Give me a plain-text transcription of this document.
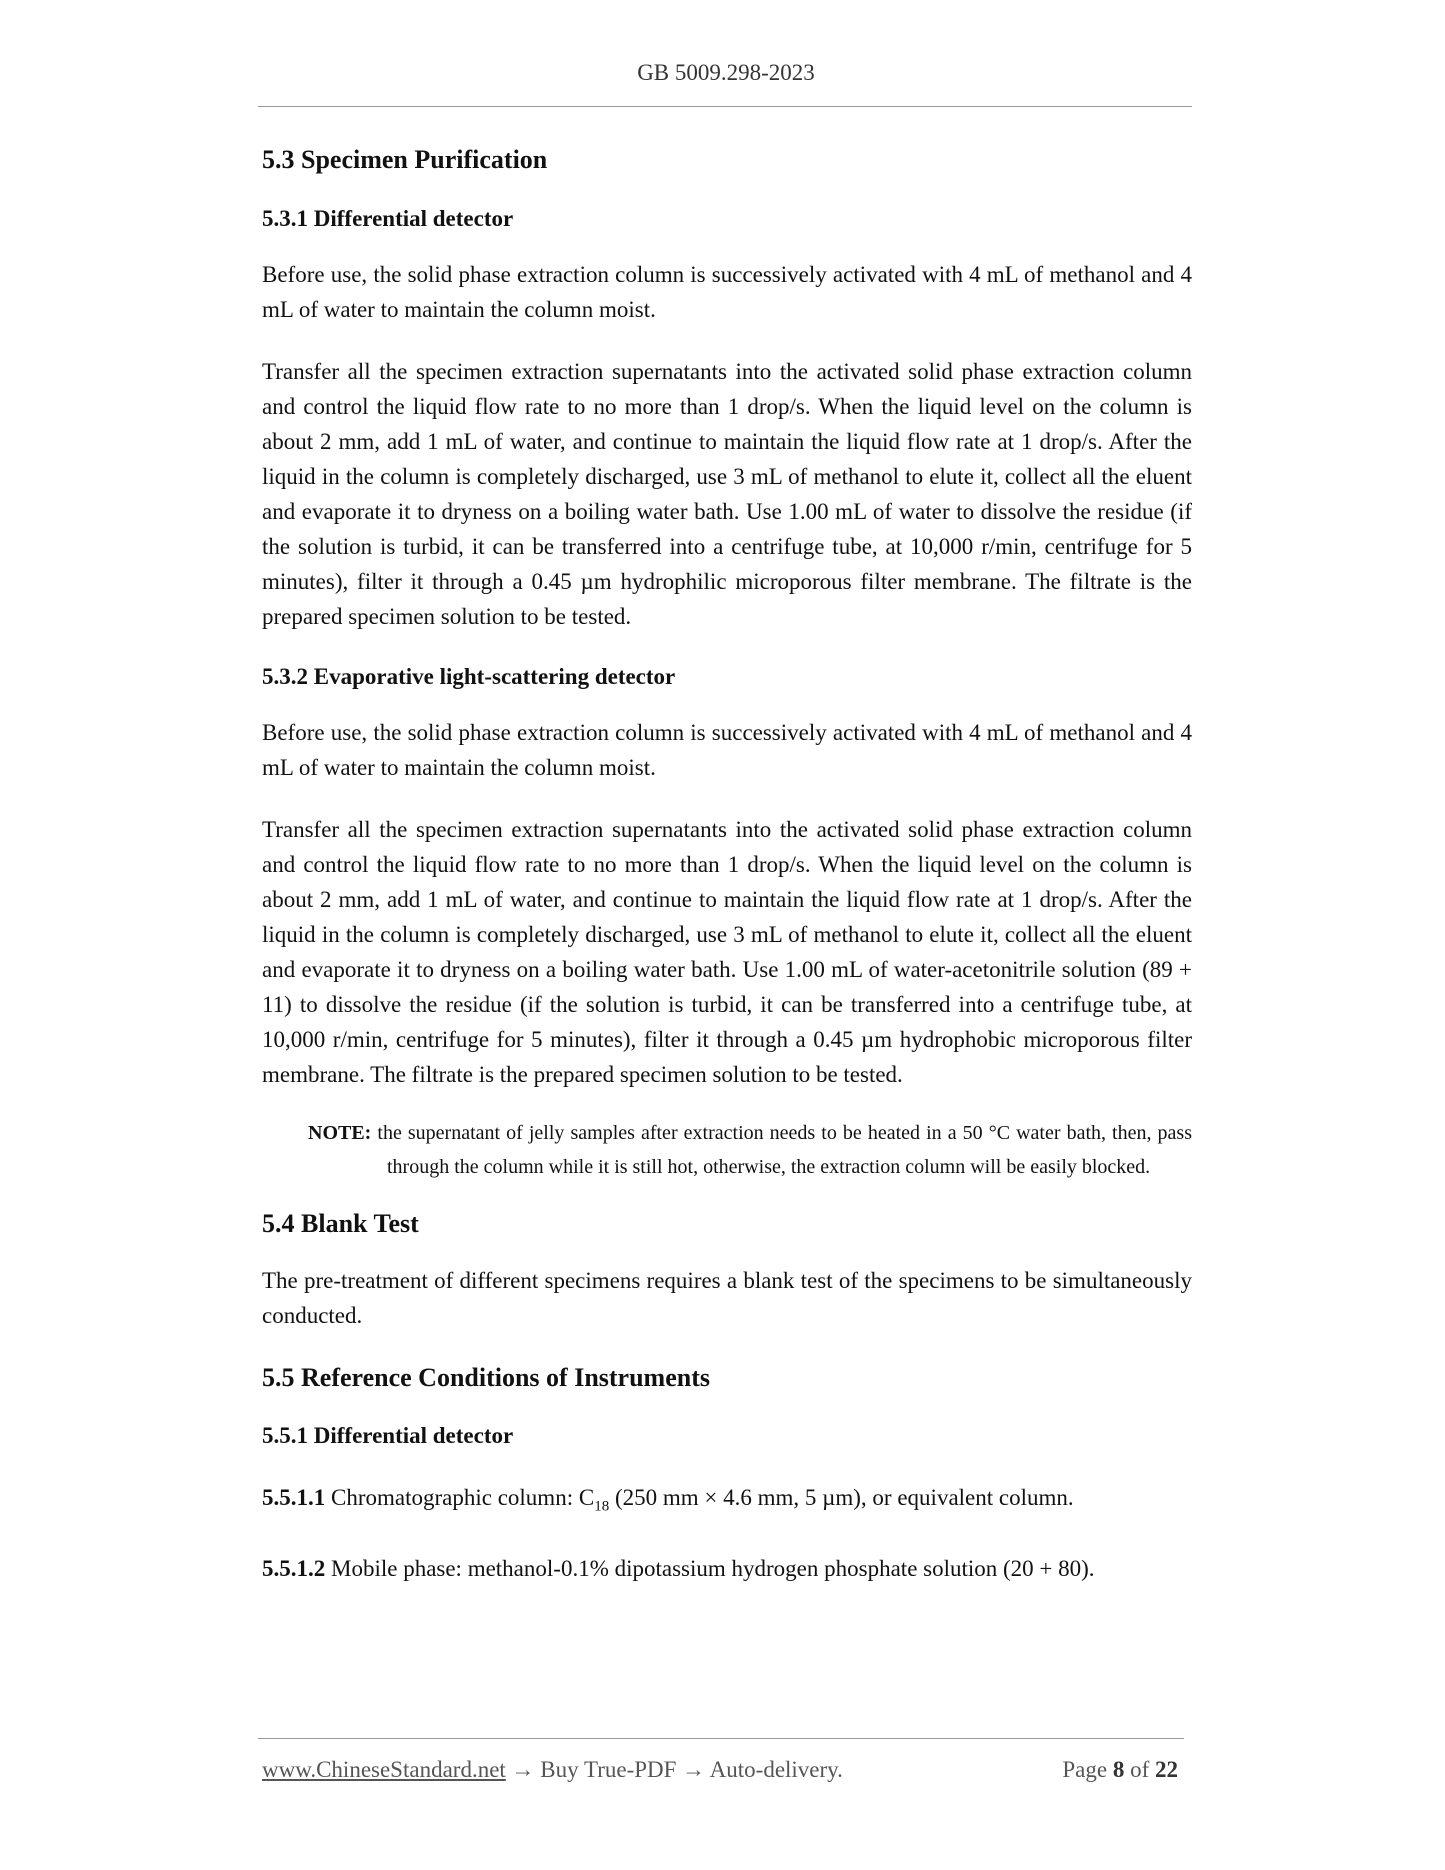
GB 5009.298-2023
5.3 Specimen Purification
5.3.1 Differential detector
Before use, the solid phase extraction column is successively activated with 4 mL of methanol and 4 mL of water to maintain the column moist.
Transfer all the specimen extraction supernatants into the activated solid phase extraction column and control the liquid flow rate to no more than 1 drop/s. When the liquid level on the column is about 2 mm, add 1 mL of water, and continue to maintain the liquid flow rate at 1 drop/s. After the liquid in the column is completely discharged, use 3 mL of methanol to elute it, collect all the eluent and evaporate it to dryness on a boiling water bath. Use 1.00 mL of water to dissolve the residue (if the solution is turbid, it can be transferred into a centrifuge tube, at 10,000 r/min, centrifuge for 5 minutes), filter it through a 0.45 µm hydrophilic microporous filter membrane. The filtrate is the prepared specimen solution to be tested.
5.3.2 Evaporative light-scattering detector
Before use, the solid phase extraction column is successively activated with 4 mL of methanol and 4 mL of water to maintain the column moist.
Transfer all the specimen extraction supernatants into the activated solid phase extraction column and control the liquid flow rate to no more than 1 drop/s. When the liquid level on the column is about 2 mm, add 1 mL of water, and continue to maintain the liquid flow rate at 1 drop/s. After the liquid in the column is completely discharged, use 3 mL of methanol to elute it, collect all the eluent and evaporate it to dryness on a boiling water bath. Use 1.00 mL of water-acetonitrile solution (89 + 11) to dissolve the residue (if the solution is turbid, it can be transferred into a centrifuge tube, at 10,000 r/min, centrifuge for 5 minutes), filter it through a 0.45 µm hydrophobic microporous filter membrane. The filtrate is the prepared specimen solution to be tested.
NOTE: the supernatant of jelly samples after extraction needs to be heated in a 50 °C water bath, then, pass through the column while it is still hot, otherwise, the extraction column will be easily blocked.
5.4 Blank Test
The pre-treatment of different specimens requires a blank test of the specimens to be simultaneously conducted.
5.5 Reference Conditions of Instruments
5.5.1 Differential detector
5.5.1.1 Chromatographic column: $C_{18}$ (250 mm × 4.6 mm, 5 µm), or equivalent column.
5.5.1.2 Mobile phase: methanol-0.1% dipotassium hydrogen phosphate solution (20 + 80).
www.ChineseStandard.net → Buy True-PDF → Auto-delivery.	Page 8 of 22
